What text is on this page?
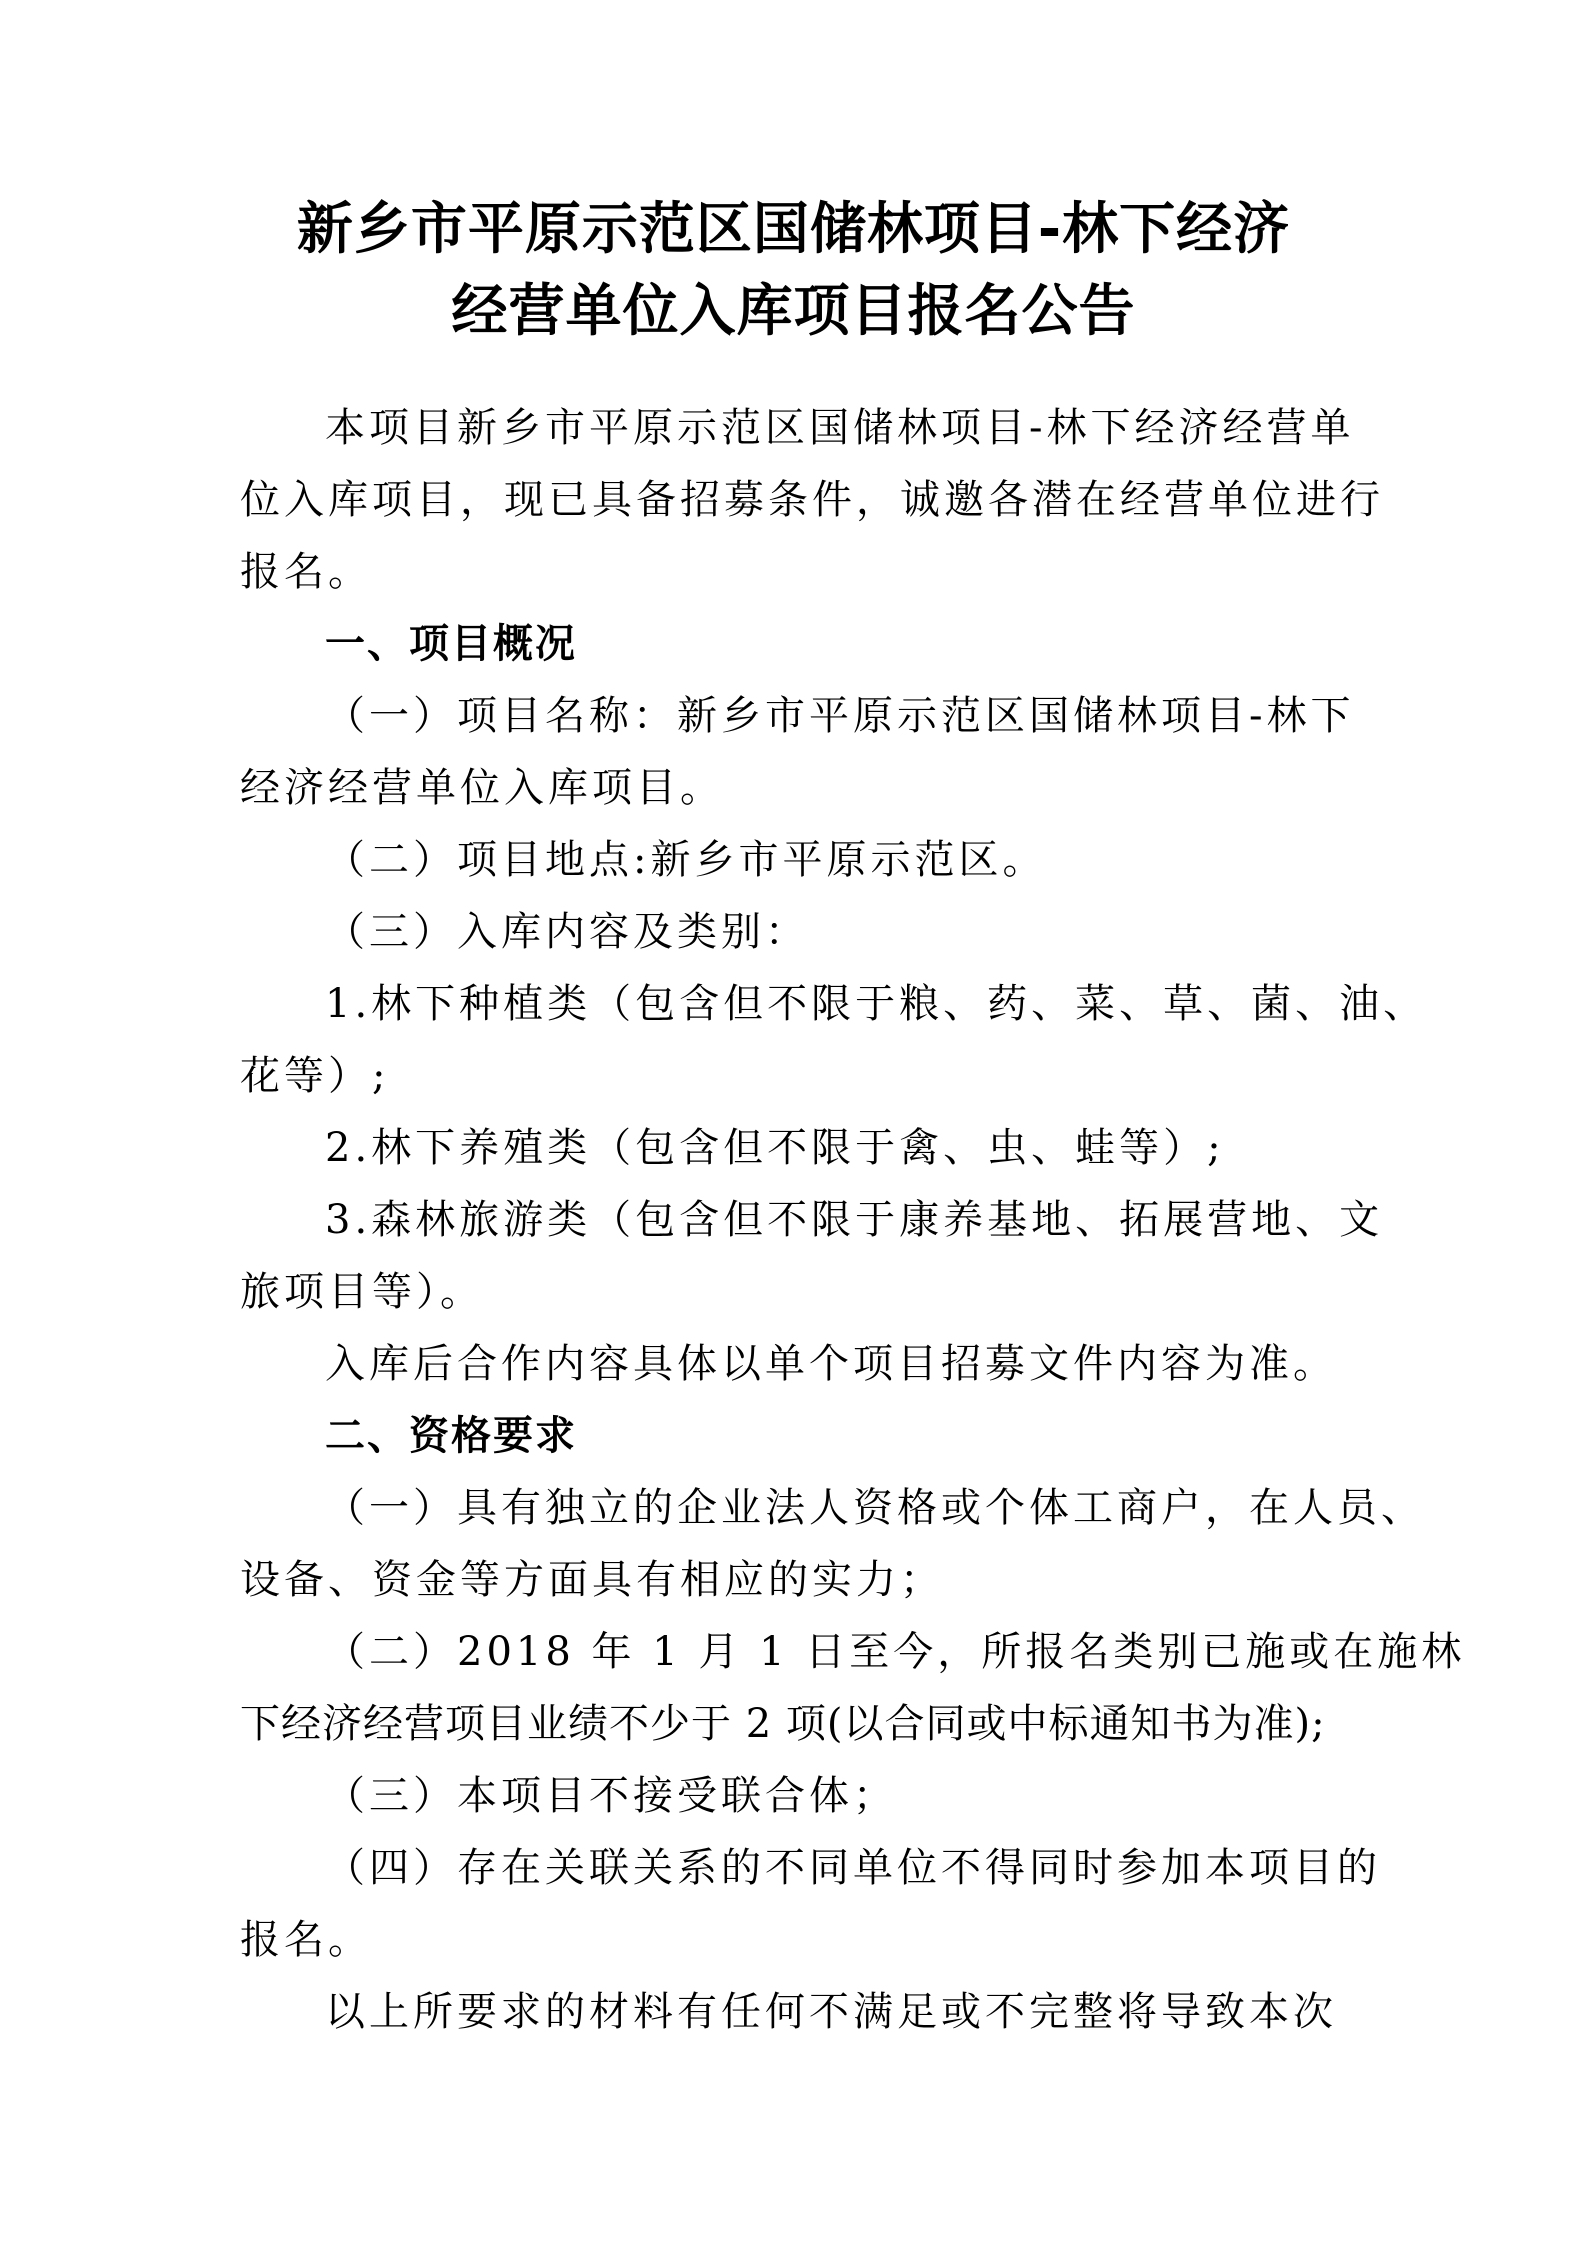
新乡市平原示范区国储林项目-林下经济
经营单位入库项目报名公告
本项目新乡市平原示范区国储林项目-林下经济经营单
位入库项目，现已具备招募条件，诚邀各潜在经营单位进行
报名。
一、项目概况
（一）项目名称：新乡市平原示范区国储林项目-林下
经济经营单位入库项目。
（二）项目地点:新乡市平原示范区。
（三）入库内容及类别：
1.林下种植类（包含但不限于粮、药、菜、草、菌、油、
花等）;
2.林下养殖类（包含但不限于禽、虫、蛙等）;
3.森林旅游类（包含但不限于康养基地、拓展营地、文
旅项目等）。
入库后合作内容具体以单个项目招募文件内容为准。
二、资格要求
（一）具有独立的企业法人资格或个体工商户，在人员、
设备、资金等方面具有相应的实力；
（二）2018 年 1 月 1 日至今，所报名类别已施或在施林
下经济经营项目业绩不少于 2 项(以合同或中标通知书为准);
（三）本项目不接受联合体；
（四）存在关联关系的不同单位不得同时参加本项目的
报名。
以上所要求的材料有任何不满足或不完整将导致本次
